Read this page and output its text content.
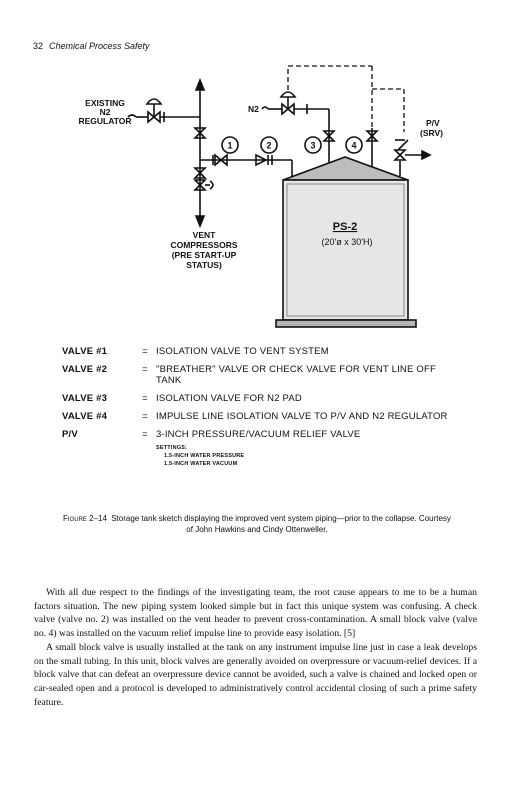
32 Chemical Process Safety
EXISTING
N2
REGULATOR
1	2	3	4
N2
P/V
(SRV)
VENT
COMPRESSORS
(PRE START-UP
STATUS)
PS-2
(20'ø x 30'H)
VALVE #1	= ISOLATION VALVE TO VENT SYSTEM
VALVE #2	= "BREATHER" VALVE OR CHECK VALVE FOR VENT LINE OFF TANK
VALVE #3	= ISOLATION VALVE FOR N2 PAD
VALVE #4	= IMPULSE LINE ISOLATION VALVE TO P/V AND N2 REGULATOR
P/V	= 3-INCH PRESSURE/VACUUM RELIEF VALVE
SETTINGS:
1.5-INCH WATER PRESSURE
1.5-INCH WATER VACUUM
Figure 2–14 Storage tank sketch displaying the improved vent system piping—prior to the collapse. Courtesy of John Hawkins and Cindy Ottenweller.

With all due respect to the findings of the investigating team, the root cause appears to me to be a human factors situation. The new piping system looked simple but in fact this unique system was confusing. A check valve (valve no. 2) was installed on the vent header to prevent cross-contamination. A small block valve (valve no. 4) was installed on the vacuum relief impulse line to provide easy isolation. [5]

A small block valve is usually installed at the tank on any instrument impulse line just in case a leak develops on the small tubing. In this unit, block valves are generally avoided on overpressure or vacuum-relief devices. If a block valve that can defeat an overpressure device cannot be avoided, such a valve is chained and locked open or car-sealed open and a protocol is developed to administratively control accidental closing of such a prime safety feature.
